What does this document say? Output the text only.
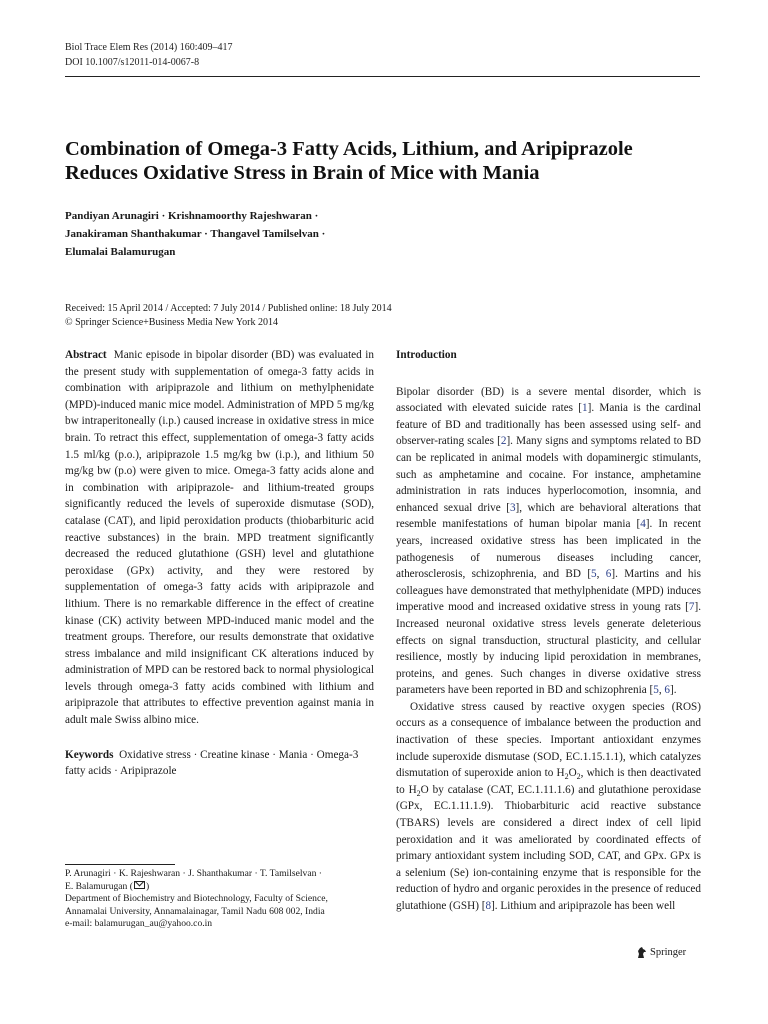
Biol Trace Elem Res (2014) 160:409–417
DOI 10.1007/s12011-014-0067-8
Combination of Omega-3 Fatty Acids, Lithium, and Aripiprazole
Reduces Oxidative Stress in Brain of Mice with Mania
Pandiyan Arunagiri · Krishnamoorthy Rajeshwaran ·
Janakiraman Shanthakumar · Thangavel Tamilselvan ·
Elumalai Balamurugan
Received: 15 April 2014 / Accepted: 7 July 2014 / Published online: 18 July 2014
© Springer Science+Business Media New York 2014

Abstract Manic episode in bipolar disorder (BD) was evaluated in the present study with supplementation of omega-3 fatty acids in combination with aripiprazole and lithium on methylphenidate (MPD)-induced manic mice model. Administration of MPD 5 mg/kg bw intraperitoneally (i.p.) caused increase in oxidative stress in mice brain. To retract this effect, supplementation of omega-3 fatty acids 1.5 ml/kg (p.o.), aripiprazole 1.5 mg/kg bw (i.p.), and lithium 50 mg/kg bw (p.o) were given to mice. Omega-3 fatty acids alone and in combination with aripiprazole- and lithium-treated groups significantly reduced the levels of superoxide dismutase (SOD), catalase (CAT), and lipid peroxidation products (thiobarbituric acid reactive substances) in the brain. MPD treatment significantly decreased the reduced glutathione (GSH) level and glutathione peroxidase (GPx) activity, and they were restored by supplementation of omega-3 fatty acids with aripiprazole and lithium. There is no remarkable difference in the effect of creatine kinase (CK) activity between MPD-induced manic model and the treatment groups. Therefore, our results demonstrate that oxidative stress imbalance and mild insignificant CK alterations induced by administration of MPD can be restored back to normal physiological levels through omega-3 fatty acids combined with lithium and aripiprazole that attributes to effective prevention against mania in adult male Swiss albino mice.

Keywords Oxidative stress · Creatine kinase · Mania · Omega-3 fatty acids · Aripiprazole

P. Arunagiri · K. Rajeshwaran · J. Shanthakumar · T. Tamilselvan ·
E. Balamurugan ( )
Department of Biochemistry and Biotechnology, Faculty of Science,
Annamalai University, Annamalainagar, Tamil Nadu 608 002, India
e-mail: balamurugan_au@yahoo.co.in
Introduction

Bipolar disorder (BD) is a severe mental disorder, which is associated with elevated suicide rates [1]. Mania is the cardinal feature of BD and traditionally has been assessed using self- and observer-rating scales [2]. Many signs and symptoms related to BD can be replicated in animal models with dopaminergic stimulants, such as amphetamine and cocaine. For instance, amphetamine administration in rats induces hyperlocomotion, insomnia, and enhanced sexual drive [3], which are behavioral alterations that resemble manifestations of human bipolar mania [4]. In recent years, increased oxidative stress has been implicated in the pathogenesis of numerous diseases including cancer, atherosclerosis, schizophrenia, and BD [5, 6]. Martins and his colleagues have demonstrated that methylphenidate (MPD) induces imperative mood and increased oxidative stress in young rats [7]. Increased neuronal oxidative stress levels generate deleterious effects on signal transduction, structural plasticity, and cellular resilience, mostly by inducing lipid peroxidation in membranes, proteins, and genes. Such changes in diverse oxidative stress parameters have been reported in BD and schizophrenia [5, 6].

Oxidative stress caused by reactive oxygen species (ROS) occurs as a consequence of imbalance between the production and inactivation of these species. Important antioxidant enzymes include superoxide dismutase (SOD, EC.1.15.1.1), which catalyzes dismutation of superoxide anion to $H_2O_2$, which is then deactivated to $H_2O$ by catalase (CAT, EC.1.11.1.6) and glutathione peroxidase (GPx, EC.1.11.1.9). Thiobarbituric acid reactive substance (TBARS) levels are considered a direct index of cell lipid peroxidation and it was ameliorated by coordinated effects of primary antioxidant system including SOD, CAT, and GPx. GPx is a selenium (Se) ion-containing enzyme that is responsible for the reduction of hydro and organic peroxides in the presence of reduced glutathione (GSH) [8]. Lithium and aripiprazole has been well

Springer
